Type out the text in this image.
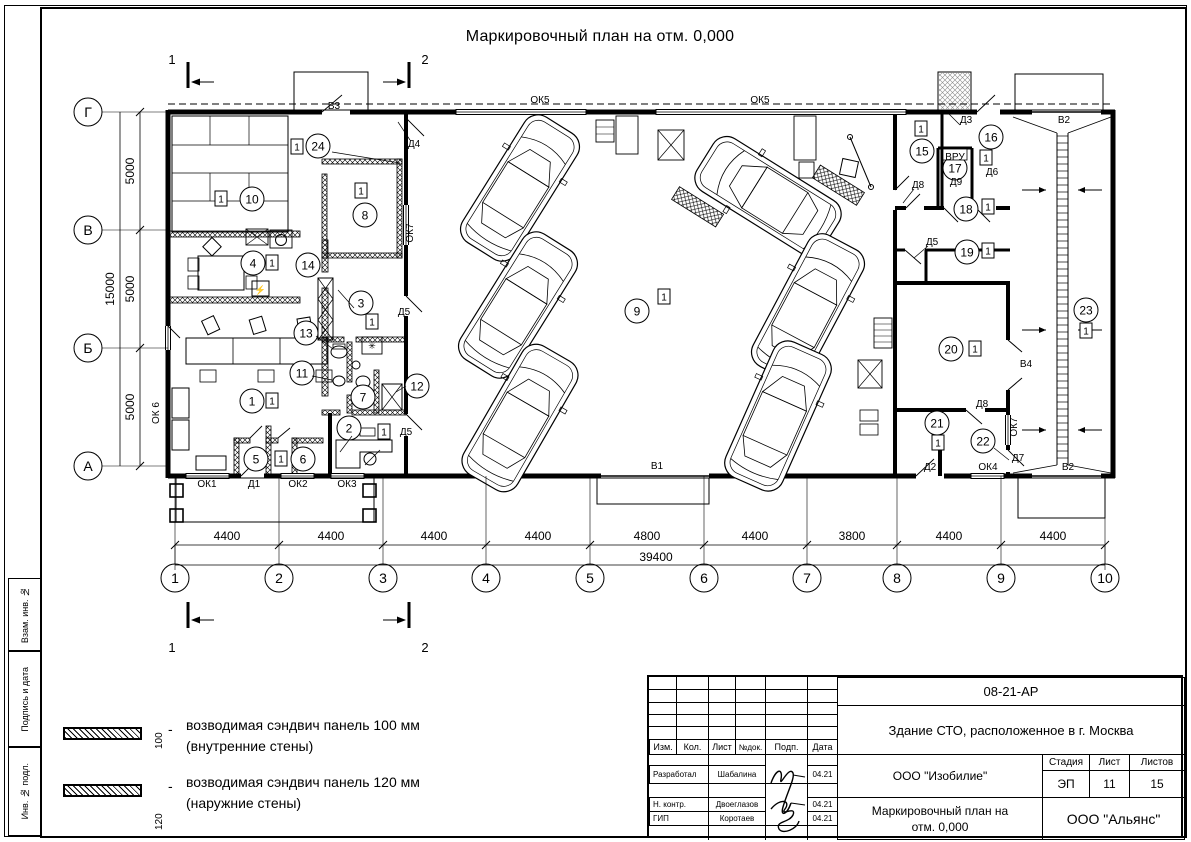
Маркировочный план на отм. 0,000
⚡
✳
1	2	3	4	5	6	7	8	9	10
Г
В
Б
А
4400	4400	4400	4400	4800	4400	3800	4400	4400
39400
5000
5000
5000
15000
1
1
2
2
1 1
2	1
3
1
4 1
5 1 6
7
8
1
9
1
10
1
11
12
13
14
15
1
16
1
17
18 1
19 1
20 1
21
1	22
23
1
24
1
В3
Д4
ОК5	ОК5
Д3	В2
ВРУ
Д9
Д6
Д8
Д5
Д5
Д5
ОК7
ОК 6
В1
В4
Д8
ОК7
Д7
Д2	ОК4	В2
ОК1	Д1	ОК2	ОК3
Взам. инв. №
Подпись и дата
Инв. № подл.
100
- возводимая сэндвич панель 100 мм
(внутренние стены)
120
- возводимая сэндвич панель 120 мм
(наружние стены)
08-21-АР
Здание СТО, расположенное в г. Москва
ООО "Изобилие"
Стадия	Лист	Листов
ЭП	11	15
Маркировочный план на
отм. 0,000	ООО "Альянс"
Изм.	Кол.	Лист №док.	Подп.	Дата
Разработал	Шабалина	04.21
Н. контр.	Двоеглазов	04.21
ГИП	Коротаев	04.21
